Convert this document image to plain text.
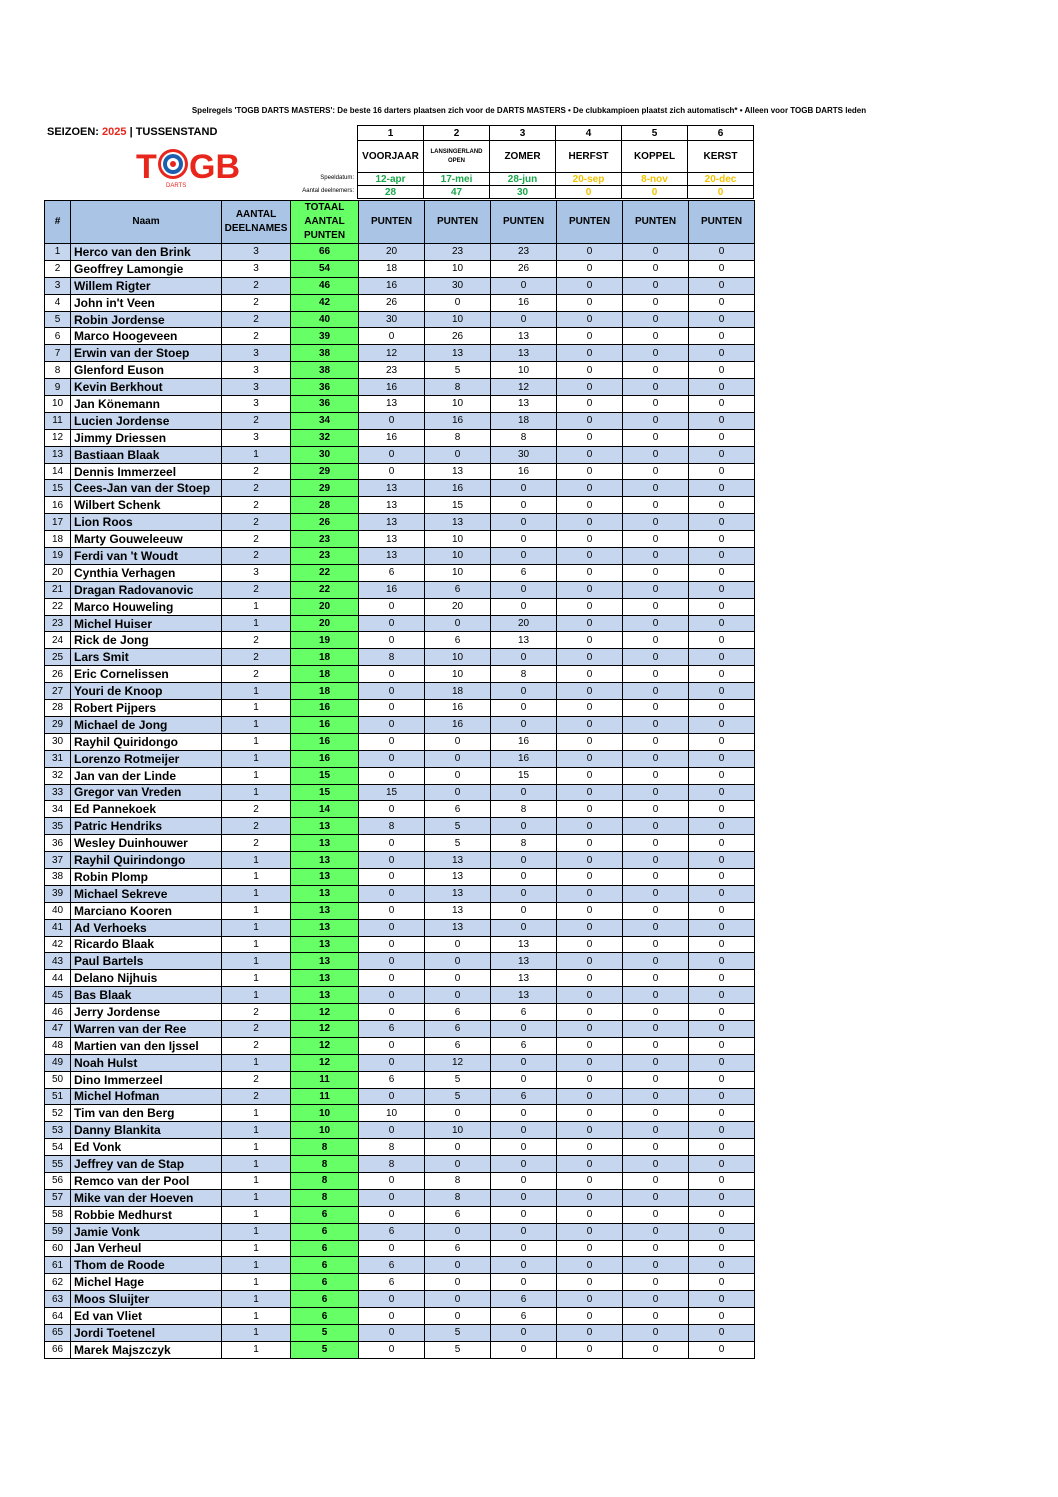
Spelregels 'TOGB DARTS MASTERS': De beste 16 darters plaatsen zich voor de DARTS MASTERS • De clubkampioen plaatst zich automatisch* • Alleen voor TOGB DARTS leden
SEIZOEN: 2025 | TUSSENSTAND
T GB
DARTS
Speeldatum:
Aantal deelnemers:
1	2	3	4	5	6
VOORJAAR	LANSINGERLAND OPEN	ZOMER	HERFST	KOPPEL	KERST
12-apr	17-mei	28-jun	20-sep	8-nov	20-dec
28	47	30	0	0	0
#	Naam	AANTAL DEELNAMES	TOTAAL AANTAL PUNTEN	PUNTEN	PUNTEN	PUNTEN	PUNTEN	PUNTEN	PUNTEN
1	Herco van den Brink	3	66	20	23	23	0	0	0
2	Geoffrey Lamongie	3	54	18	10	26	0	0	0
3	Willem Rigter	2	46	16	30	0	0	0	0
4	John in't Veen	2	42	26	0	16	0	0	0
5	Robin Jordense	2	40	30	10	0	0	0	0
6	Marco Hoogeveen	2	39	0	26	13	0	0	0
7	Erwin van der Stoep	3	38	12	13	13	0	0	0
8	Glenford Euson	3	38	23	5	10	0	0	0
9	Kevin Berkhout	3	36	16	8	12	0	0	0
10	Jan Könemann	3	36	13	10	13	0	0	0
11	Lucien Jordense	2	34	0	16	18	0	0	0
12	Jimmy Driessen	3	32	16	8	8	0	0	0
13	Bastiaan Blaak	1	30	0	0	30	0	0	0
14	Dennis Immerzeel	2	29	0	13	16	0	0	0
15	Cees-Jan van der Stoep	2	29	13	16	0	0	0	0
16	Wilbert Schenk	2	28	13	15	0	0	0	0
17	Lion Roos	2	26	13	13	0	0	0	0
18	Marty Gouweleeuw	2	23	13	10	0	0	0	0
19	Ferdi van 't Woudt	2	23	13	10	0	0	0	0
20	Cynthia Verhagen	3	22	6	10	6	0	0	0
21	Dragan Radovanovic	2	22	16	6	0	0	0	0
22	Marco Houweling	1	20	0	20	0	0	0	0
23	Michel Huiser	1	20	0	0	20	0	0	0
24	Rick de Jong	2	19	0	6	13	0	0	0
25	Lars Smit	2	18	8	10	0	0	0	0
26	Eric Cornelissen	2	18	0	10	8	0	0	0
27	Youri de Knoop	1	18	0	18	0	0	0	0
28	Robert Pijpers	1	16	0	16	0	0	0	0
29	Michael de Jong	1	16	0	16	0	0	0	0
30	Rayhil Quiridongo	1	16	0	0	16	0	0	0
31	Lorenzo Rotmeijer	1	16	0	0	16	0	0	0
32	Jan van der Linde	1	15	0	0	15	0	0	0
33	Gregor van Vreden	1	15	15	0	0	0	0	0
34	Ed Pannekoek	2	14	0	6	8	0	0	0
35	Patric Hendriks	2	13	8	5	0	0	0	0
36	Wesley Duinhouwer	2	13	0	5	8	0	0	0
37	Rayhil Quirindongo	1	13	0	13	0	0	0	0
38	Robin Plomp	1	13	0	13	0	0	0	0
39	Michael Sekreve	1	13	0	13	0	0	0	0
40	Marciano Kooren	1	13	0	13	0	0	0	0
41	Ad Verhoeks	1	13	0	13	0	0	0	0
42	Ricardo Blaak	1	13	0	0	13	0	0	0
43	Paul Bartels	1	13	0	0	13	0	0	0
44	Delano Nijhuis	1	13	0	0	13	0	0	0
45	Bas Blaak	1	13	0	0	13	0	0	0
46	Jerry Jordense	2	12	0	6	6	0	0	0
47	Warren van der Ree	2	12	6	6	0	0	0	0
48	Martien van den Ijssel	2	12	0	6	6	0	0	0
49	Noah Hulst	1	12	0	12	0	0	0	0
50	Dino Immerzeel	2	11	6	5	0	0	0	0
51	Michel Hofman	2	11	0	5	6	0	0	0
52	Tim van den Berg	1	10	10	0	0	0	0	0
53	Danny Blankita	1	10	0	10	0	0	0	0
54	Ed Vonk	1	8	8	0	0	0	0	0
55	Jeffrey van de Stap	1	8	8	0	0	0	0	0
56	Remco van der Pool	1	8	0	8	0	0	0	0
57	Mike van der Hoeven	1	8	0	8	0	0	0	0
58	Robbie Medhurst	1	6	0	6	0	0	0	0
59	Jamie Vonk	1	6	6	0	0	0	0	0
60	Jan Verheul	1	6	0	6	0	0	0	0
61	Thom de Roode	1	6	6	0	0	0	0	0
62	Michel Hage	1	6	6	0	0	0	0	0
63	Moos Sluijter	1	6	0	0	6	0	0	0
64	Ed van Vliet	1	6	0	0	6	0	0	0
65	Jordi Toetenel	1	5	0	5	0	0	0	0
66	Marek Majszczyk	1	5	0	5	0	0	0	0
